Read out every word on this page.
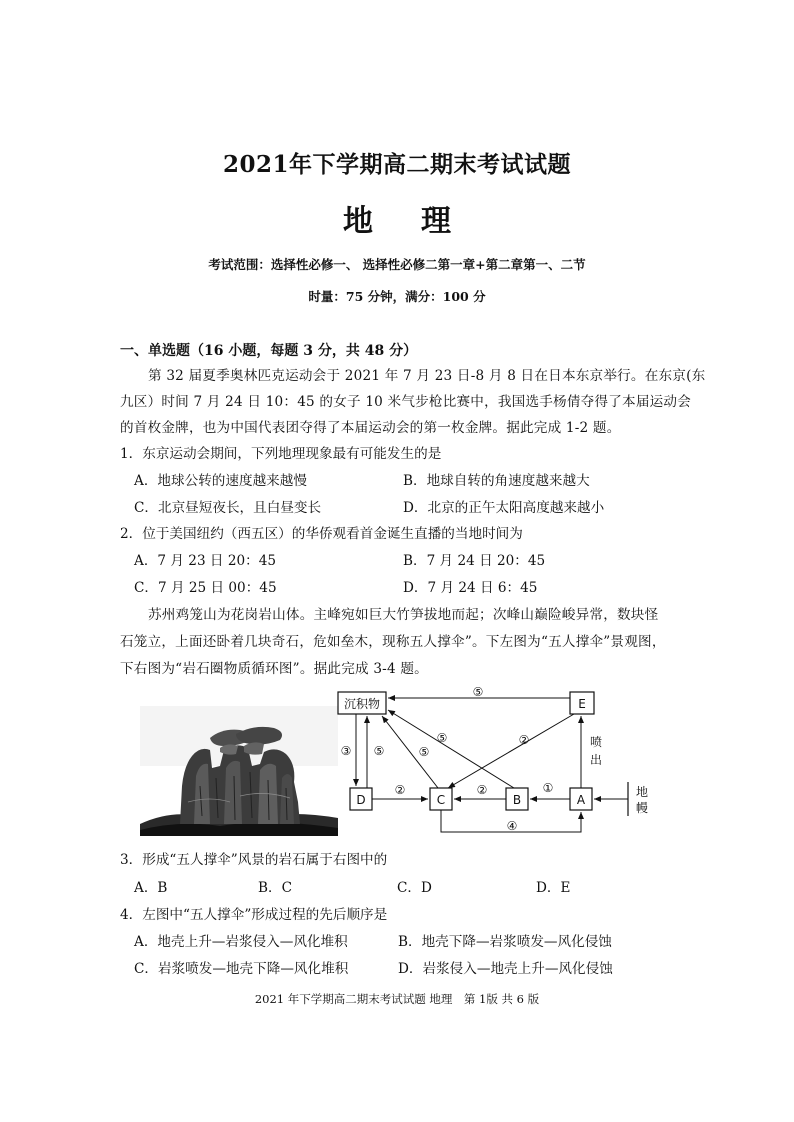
2021年下学期高二期末考试试题
地理
考试范围：选择性必修一、 选择性必修二第一章+第二章第一、二节
时量：75 分钟，满分：100 分
一、单选题（16 小题，每题 3 分，共 48 分）
第 32 届夏季奥林匹克运动会于 2021 年 7 月 23 日-8 月 8 日在日本东京举行。在东京(东
九区）时间 7 月 24 日 10：45 的女子 10 米气步枪比赛中，我国选手杨倩夺得了本届运动会
的首枚金牌，也为中国代表团夺得了本届运动会的第一枚金牌。据此完成 1-2 题。
1．东京运动会期间，下列地理现象最有可能发生的是
A．地球公转的速度越来越慢	B．地球自转的角速度越来越大
C．北京昼短夜长，且白昼变长	D．北京的正午太阳高度越来越小
2．位于美国纽约（西五区）的华侨观看首金诞生直播的当地时间为
A．7 月 23 日 20：45	B．7 月 24 日 20：45
C．7 月 25 日 00：45	D．7 月 24 日 6：45
苏州鸡笼山为花岗岩山体。主峰宛如巨大竹笋拔地而起；次峰山巅险峻异常，数块怪
石笼立，上面还卧着几块奇石，危如垒木，现称五人撑伞”。下左图为“五人撑伞”景观图，
下右图为“岩石圈物质循环图”。据此完成 3-4 题。
沉积物	E
D	C	B	A
⑤
③ ⑤
②
⑤
⑤	②
②	①
喷
出
地
幔
④
3．形成“五人撑伞”风景的岩石属于右图中的
A．B	B．C	C．D	D．E
4．左图中“五人撑伞”形成过程的先后顺序是
A．地壳上升—岩浆侵入—风化堆积	B．地壳下降—岩浆喷发—风化侵蚀
C．岩浆喷发—地壳下降—风化堆积	D．岩浆侵入—地壳上升—风化侵蚀
2021 年下学期高二期末考试试题 地理　第 1版 共 6 版
